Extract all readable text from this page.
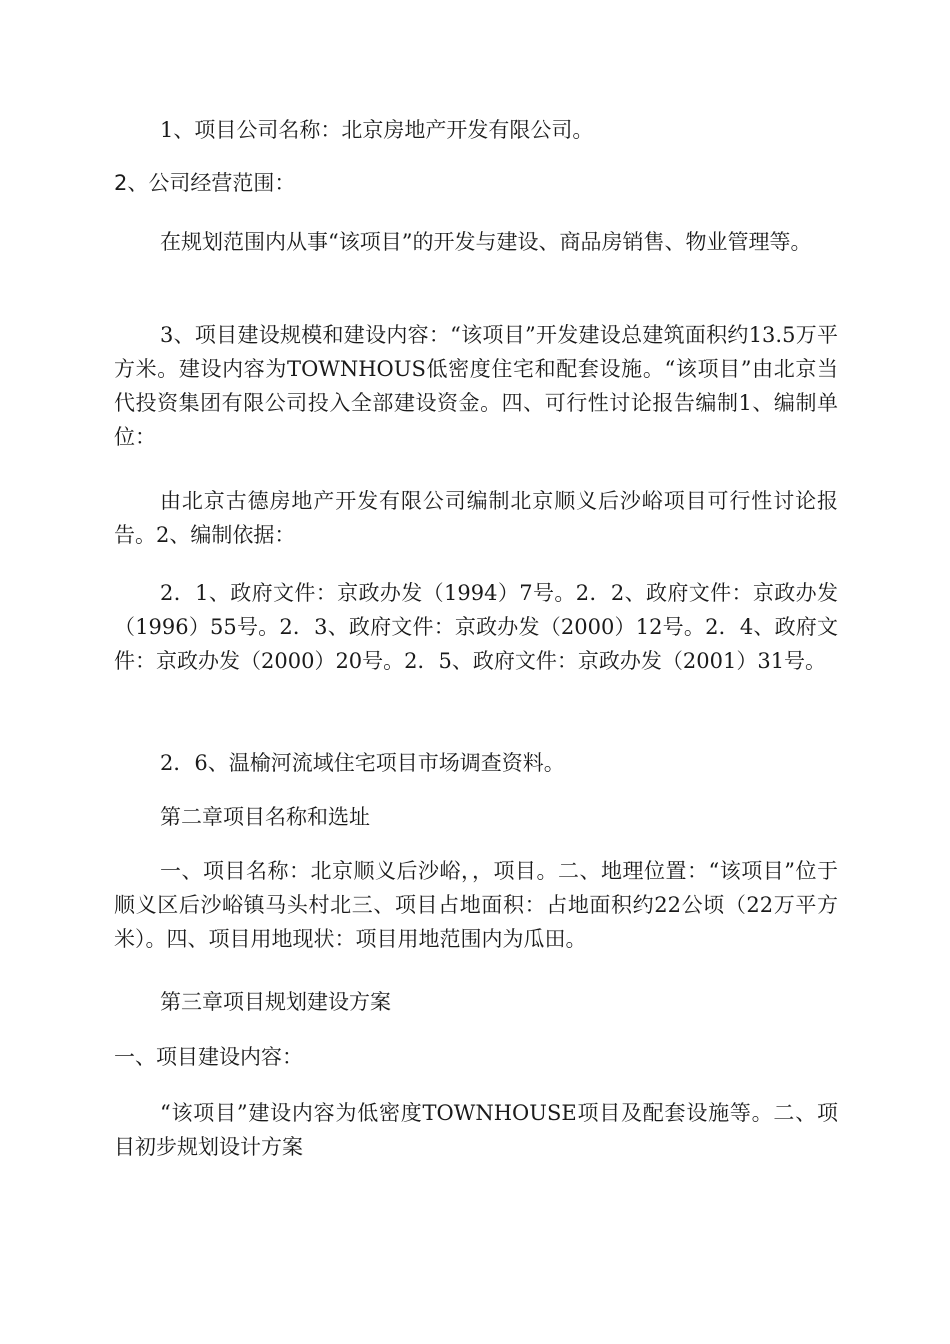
1、项目公司名称：北京房地产开发有限公司。

2、公司经营范围：

在规划范围内从事“该项目”的开发与建设、商品房销售、物业管理等。

3、项目建设规模和建设内容：“该项目”开发建设总建筑面积约13.5万平方米。建设内容为TOWNHOUS低密度住宅和配套设施。“该项目”由北京当代投资集团有限公司投入全部建设资金。四、可行性讨论报告编制1、编制单位：

由北京古德房地产开发有限公司编制北京顺义后沙峪项目可行性讨论报告。2、编制依据：

2．1、政府文件：京政办发（1994）7号。2．2、政府文件：京政办发（1996）55号。2．3、政府文件：京政办发（2000）12号。2．4、政府文件：京政办发（2000）20号。2．5、政府文件：京政办发（2001）31号。

2．6、温榆河流域住宅项目市场调查资料。

第二章项目名称和选址

一、项目名称：北京顺义后沙峪，，项目。二、地理位置：“该项目”位于顺义区后沙峪镇马头村北三、项目占地面积：占地面积约22公顷（22万平方米）。四、项目用地现状：项目用地范围内为瓜田。

第三章项目规划建设方案

一、项目建设内容：

“该项目”建设内容为低密度TOWNHOUSE项目及配套设施等。二、项目初步规划设计方案
